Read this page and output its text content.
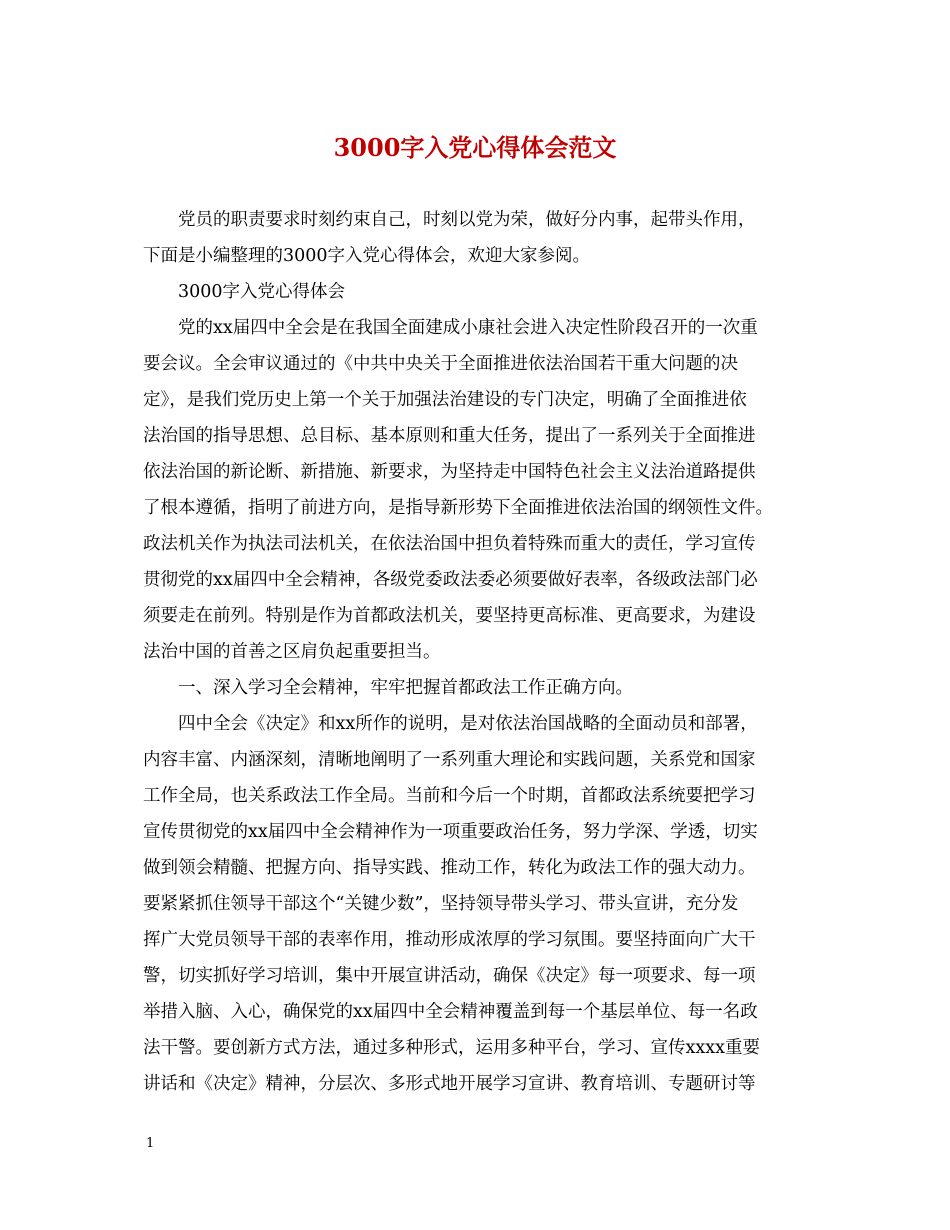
3000字入党心得体会范文
党员的职责要求时刻约束自己，时刻以党为荣，做好分内事，起带头作用，
下面是小编整理的3000字入党心得体会，欢迎大家参阅。
3000字入党心得体会
党的xx届四中全会是在我国全面建成小康社会进入决定性阶段召开的一次重
要会议。全会审议通过的《中共中央关于全面推进依法治国若干重大问题的决
定》，是我们党历史上第一个关于加强法治建设的专门决定，明确了全面推进依
法治国的指导思想、总目标、基本原则和重大任务，提出了一系列关于全面推进
依法治国的新论断、新措施、新要求，为坚持走中国特色社会主义法治道路提供
了根本遵循，指明了前进方向，是指导新形势下全面推进依法治国的纲领性文件。
政法机关作为执法司法机关，在依法治国中担负着特殊而重大的责任，学习宣传
贯彻党的xx届四中全会精神，各级党委政法委必须要做好表率，各级政法部门必
须要走在前列。特别是作为首都政法机关，要坚持更高标准、更高要求，为建设
法治中国的首善之区肩负起重要担当。
一、深入学习全会精神，牢牢把握首都政法工作正确方向。
四中全会《决定》和xx所作的说明，是对依法治国战略的全面动员和部署，
内容丰富、内涵深刻，清晰地阐明了一系列重大理论和实践问题，关系党和国家
工作全局，也关系政法工作全局。当前和今后一个时期，首都政法系统要把学习
宣传贯彻党的xx届四中全会精神作为一项重要政治任务，努力学深、学透，切实
做到领会精髓、把握方向、指导实践、推动工作，转化为政法工作的强大动力。
要紧紧抓住领导干部这个“关键少数”，坚持领导带头学习、带头宣讲，充分发
挥广大党员领导干部的表率作用，推动形成浓厚的学习氛围。要坚持面向广大干
警，切实抓好学习培训，集中开展宣讲活动，确保《决定》每一项要求、每一项
举措入脑、入心，确保党的xx届四中全会精神覆盖到每一个基层单位、每一名政
法干警。要创新方式方法，通过多种形式，运用多种平台，学习、宣传xxxx重要
讲话和《决定》精神，分层次、多形式地开展学习宣讲、教育培训、专题研讨等
1
